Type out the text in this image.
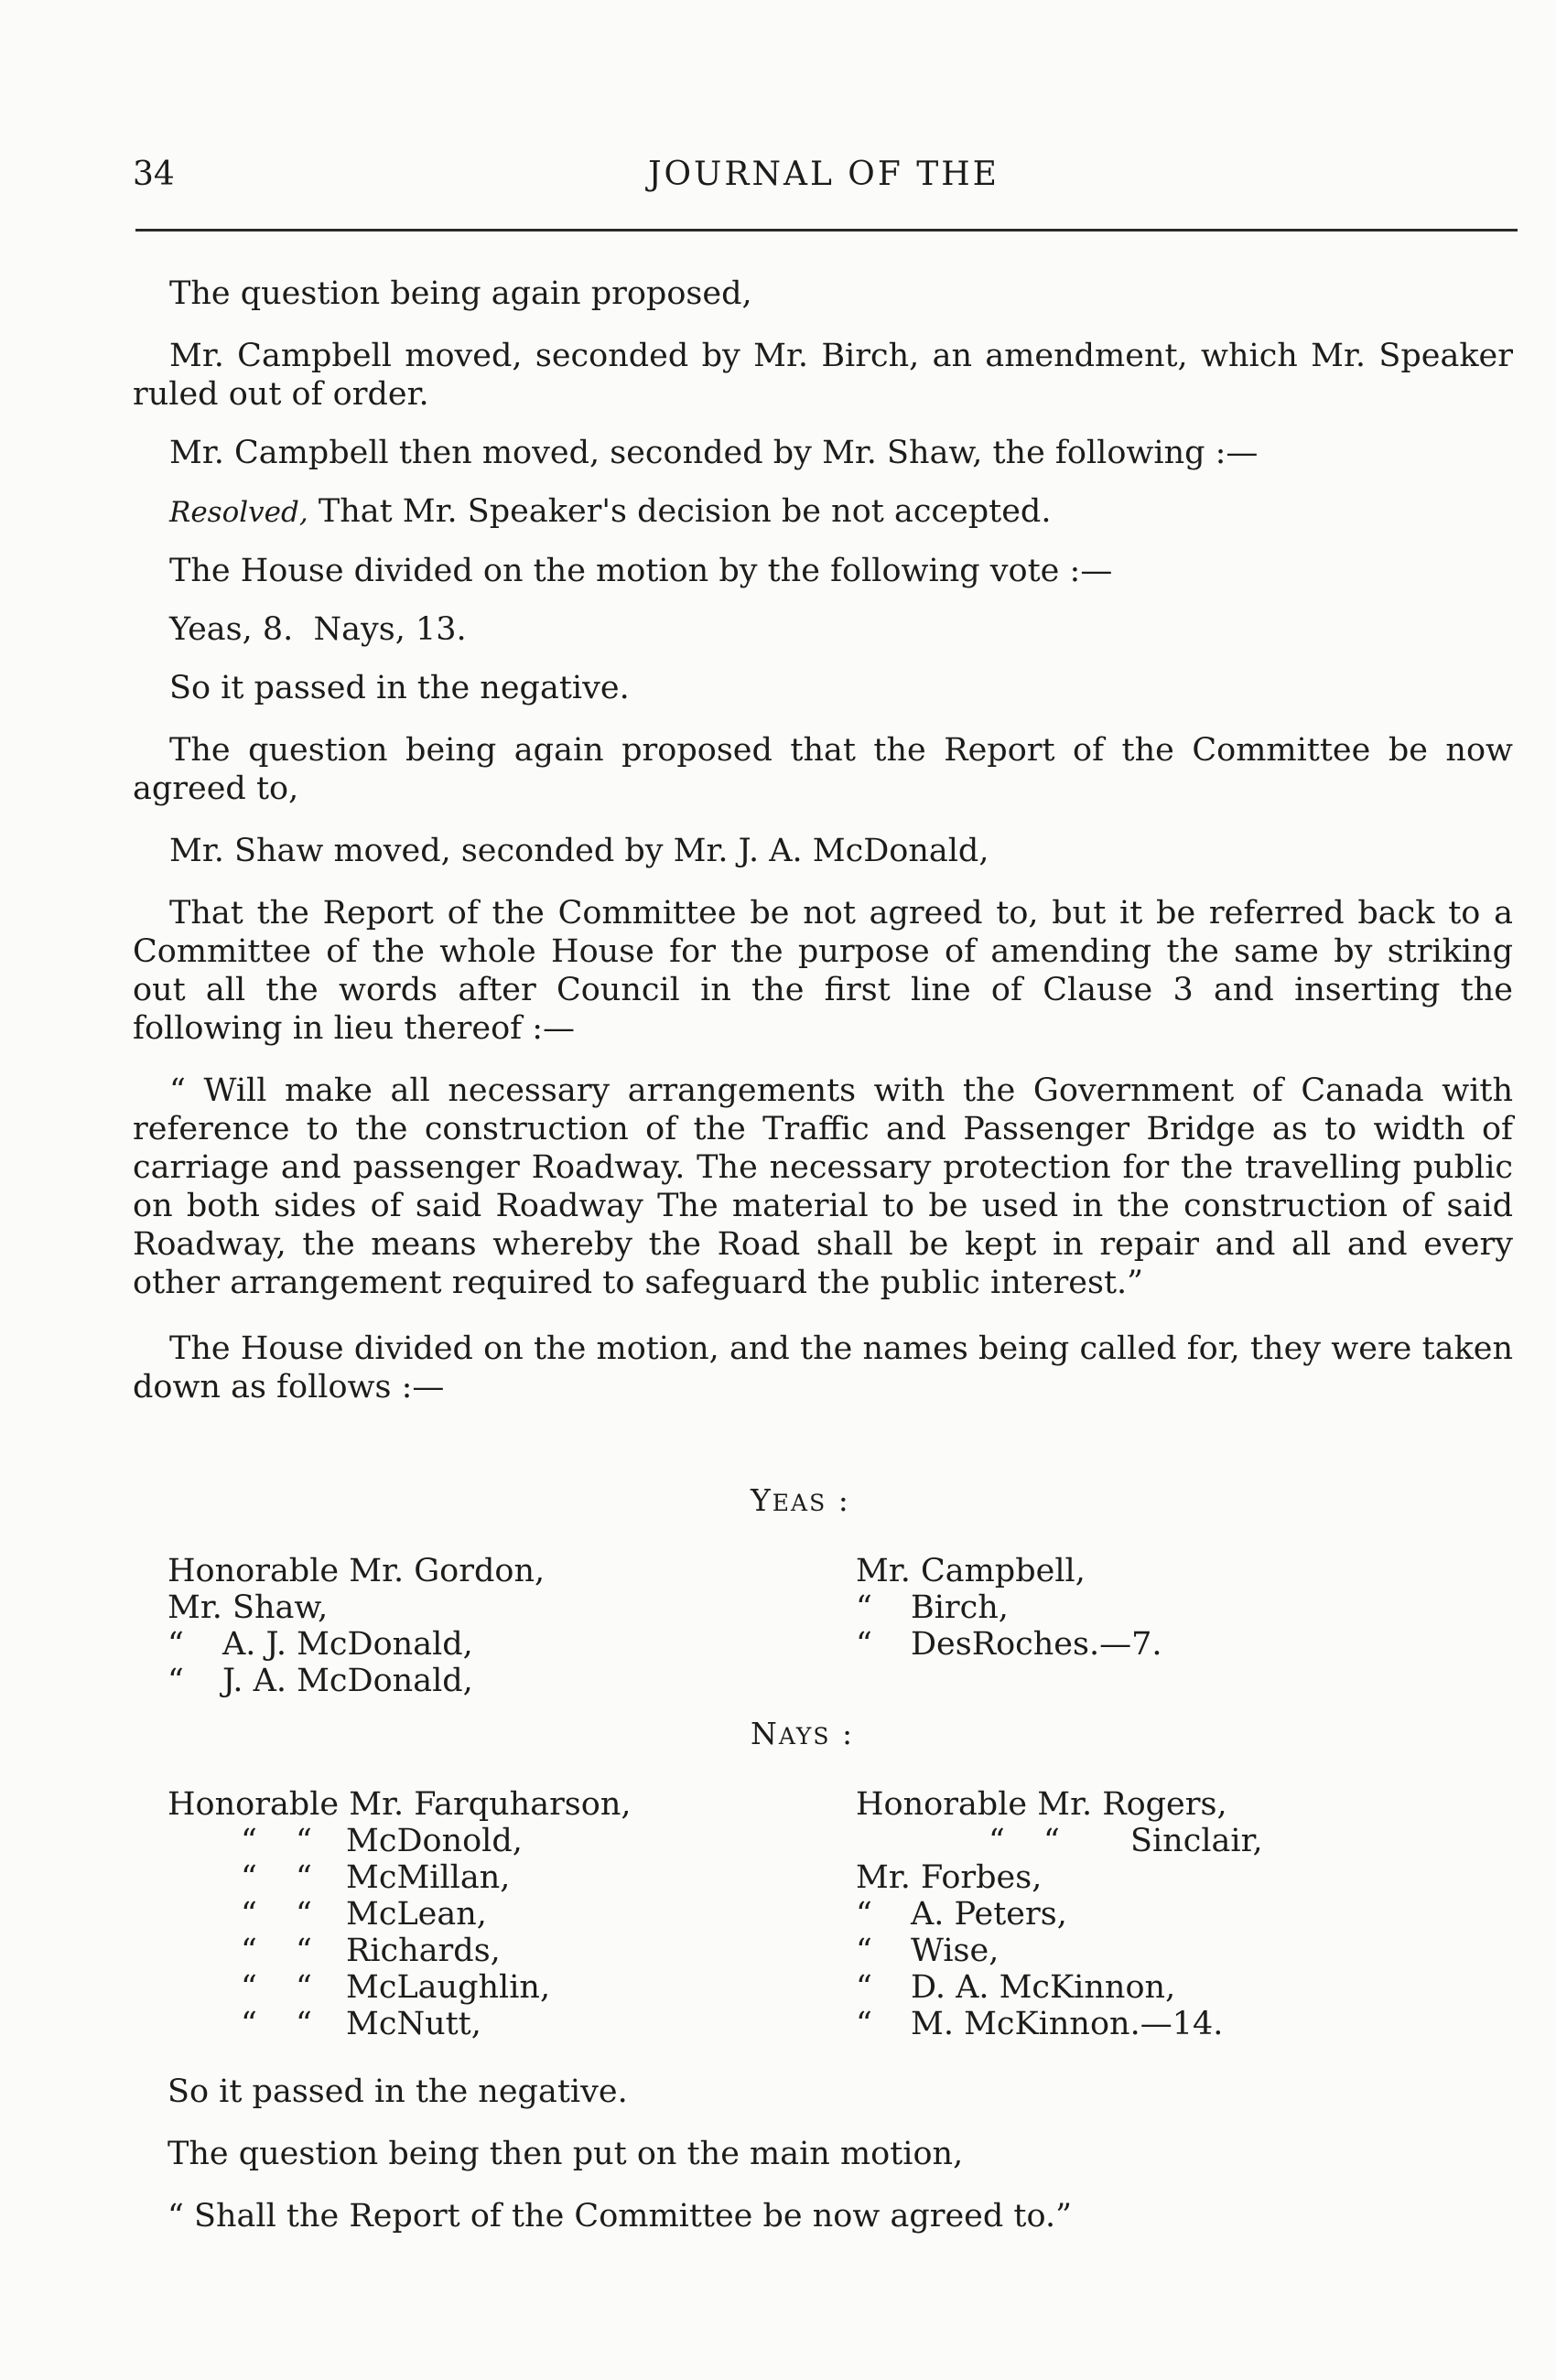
34	JOURNAL OF THE

The question being again proposed,

Mr. Campbell moved, seconded by Mr. Birch, an amendment, which Mr. Speaker ruled out of order.

Mr. Campbell then moved, seconded by Mr. Shaw, the following :—

Resolved, That Mr. Speaker's decision be not accepted.

The House divided on the motion by the following vote :—

Yeas, 8.  Nays, 13.

So it passed in the negative.

The question being again proposed that the Report of the Committee be now agreed to,

Mr. Shaw moved, seconded by Mr. J. A. McDonald,

That the Report of the Committee be not agreed to, but it be referred back to a Committee of the whole House for the purpose of amending the same by striking out all the words after Council in the first line of Clause 3 and inserting the following in lieu thereof :—

“ Will make all necessary arrangements with the Government of Canada with reference to the construction of the Traffic and Passenger Bridge as to width of carriage and passenger Roadway. The necessary protection for the travelling public on both sides of said Roadway The material to be used in the construction of said Roadway, the means whereby the Road shall be kept in repair and all and every other arrangement required to safeguard the public interest.”

The House divided on the motion, and the names being called for, they were taken down as follows :—

YEAS :
Honorable Mr. Gordon,
Mr. Shaw,
“ A. J. McDonald,
“ J. A. McDonald,
Mr. Campbell,
“ Birch,
“ DesRoches.—7.
NAYS :
Honorable Mr. Farquharson,
“ “ McDonold,
“ “ McMillan,
“ “ McLean,
“ “ Richards,
“ “ McLaughlin,
“ “ McNutt,
Honorable Mr. Rogers,
“ “ Sinclair,
Mr. Forbes,
“ A. Peters,
“ Wise,
“ D. A. McKinnon,
“ M. McKinnon.—14.

So it passed in the negative.

The question being then put on the main motion,

“ Shall the Report of the Committee be now agreed to.”
